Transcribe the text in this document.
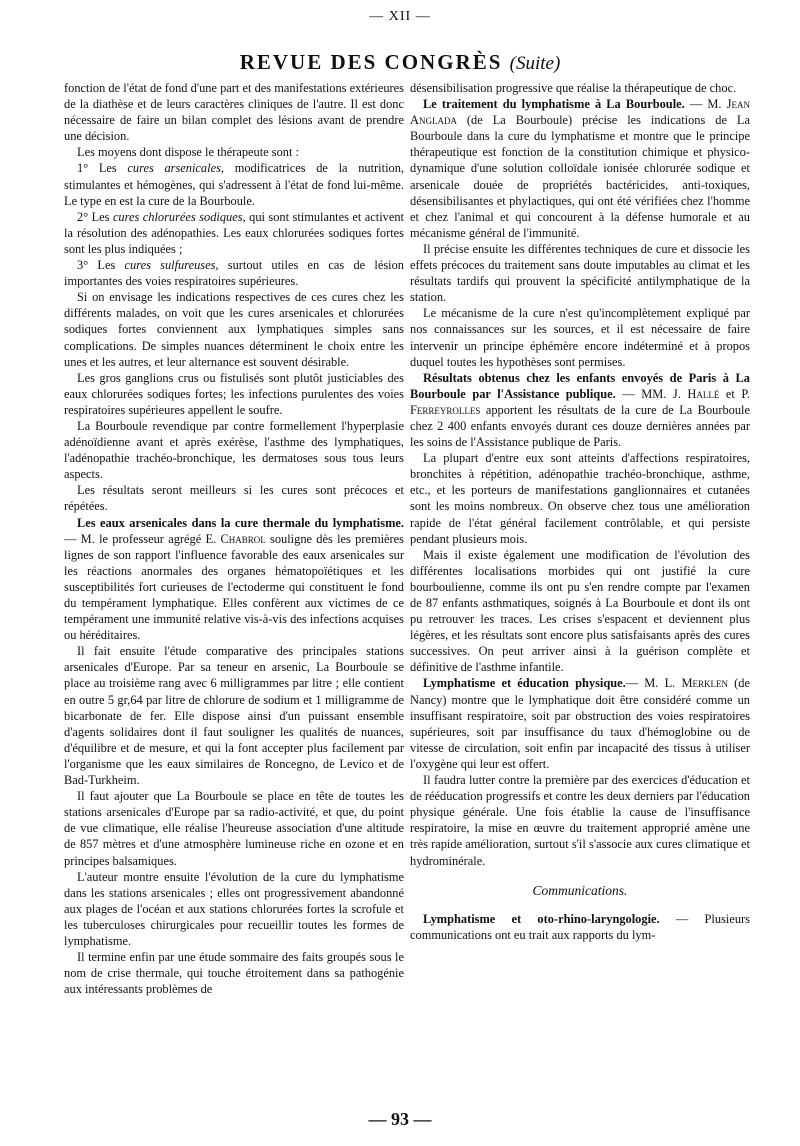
— XII —
REVUE DES CONGRÈS (Suite)

fonction de l'état de fond d'une part et des manifestations extérieures de la diathèse et de leurs caractères cliniques de l'autre. Il est donc nécessaire de faire un bilan complet des lésions avant de prendre une décision.

Les moyens dont dispose le thérapeute sont :

1° Les cures arsenicales, modificatrices de la nutrition, stimulantes et hémogènes, qui s'adressent à l'état de fond lui-même. Le type en est la cure de la Bourboule.

2° Les cures chlorurées sodiques, qui sont stimulantes et activent la résolution des adénopathies. Les eaux chlorurées sodiques fortes sont les plus indiquées ;

3° Les cures sulfureuses, surtout utiles en cas de lésion importantes des voies respiratoires supérieures.

Si on envisage les indications respectives de ces cures chez les différents malades, on voit que les cures arsenicales et chlorurées sodiques fortes conviennent aux lymphatiques simples sans complications. De simples nuances déterminent le choix entre les unes et les autres, et leur alternance est souvent désirable.

Les gros ganglions crus ou fistulisés sont plutôt justiciables des eaux chlorurées sodiques fortes; les infections purulentes des voies respiratoires supérieures appellent le soufre.

La Bourboule revendique par contre formellement l'hyperplasie adénoïdienne avant et après exérèse, l'asthme des lymphatiques, l'adénopathie trachéo-bronchique, les dermatoses sous tous leurs aspects.

Les résultats seront meilleurs si les cures sont précoces et répétées.

Les eaux arsenicales dans la cure thermale du lymphatisme.— M. le professeur agrégé E. Chabrol souligne dès les premières lignes de son rapport l'influence favorable des eaux arsenicales sur les réactions anormales des organes hématopoïétiques et les susceptibilités fort curieuses de l'ectoderme qui constituent le fond du tempérament lymphatique. Elles confèrent aux victimes de ce tempérament une immunité relative vis-à-vis des infections acquises ou héréditaires.

Il fait ensuite l'étude comparative des principales stations arsenicales d'Europe. Par sa teneur en arsenic, La Bourboule se place au troisième rang avec 6 milligrammes par litre ; elle contient en outre 5 gr,64 par litre de chlorure de sodium et 1 milligramme de bicarbonate de fer. Elle dispose ainsi d'un puissant ensemble d'agents solidaires dont il faut souligner les qualités de nuances, d'équilibre et de mesure, et qui la font accepter plus facilement par l'organisme que les eaux similaires de Roncegno, de Levico et de Bad-Turkheim.

Il faut ajouter que La Bourboule se place en tête de toutes les stations arsenicales d'Europe par sa radio-activité, et que, du point de vue climatique, elle réalise l'heureuse association d'une altitude de 857 mètres et d'une atmosphère lumineuse riche en ozone et en principes balsamiques.

L'auteur montre ensuite l'évolution de la cure du lymphatisme dans les stations arsenicales ; elles ont progressivement abandonné aux plages de l'océan et aux stations chlorurées fortes la scrofule et les tuberculoses chirurgicales pour recueillir toutes les formes de lymphatisme.

Il termine enfin par une étude sommaire des faits groupés sous le nom de crise thermale, qui touche étroitement dans sa pathogénie aux intéressants problèmes de

désensibilisation progressive que réalise la thérapeutique de choc.

Le traitement du lymphatisme à La Bourboule. — M. Jean Anglada (de La Bourboule) précise les indications de La Bourboule dans la cure du lymphatisme et montre que le principe thérapeutique est fonction de la constitution chimique et physico-dynamique d'une solution colloïdale ionisée chlorurée sodique et arsenicale douée de propriétés bactéricides, anti-toxiques, désensibilisantes et phylactiques, qui ont été vérifiées chez l'homme et chez l'animal et qui concourent à la défense humorale et au mécanisme général de l'immunité.

Il précise ensuite les différentes techniques de cure et dissocie les effets précoces du traitement sans doute imputables au climat et les résultats tardifs qui prouvent la spécificité antilymphatique de la station.

Le mécanisme de la cure n'est qu'incomplètement expliqué par nos connaissances sur les sources, et il est nécessaire de faire intervenir un principe éphémère encore indéterminé et à propos duquel toutes les hypothèses sont permises.

Résultats obtenus chez les enfants envoyés de Paris à La Bourboule par l'Assistance publique. — MM. J. Hallé et P. Ferreyrolles apportent les résultats de la cure de La Bourboule chez 2 400 enfants envoyés durant ces douze dernières années par les soins de l'Assistance publique de Paris.

La plupart d'entre eux sont atteints d'affections respiratoires, bronchites à répétition, adénopathie trachéo-bronchique, asthme, etc., et les porteurs de manifestations ganglionnaires et cutanées sont les moins nombreux. On observe chez tous une amélioration rapide de l'état général facilement contrôlable, et qui persiste pendant plusieurs mois.

Mais il existe également une modification de l'évolution des différentes localisations morbides qui ont justifié la cure bourboulienne, comme ils ont pu s'en rendre compte par l'examen de 87 enfants asthmatiques, soignés à La Bourboule et dont ils ont pu retrouver les traces. Les crises s'espacent et deviennent plus légères, et les résultats sont encore plus satisfaisants après des cures successives. On peut arriver ainsi à la guérison complète et définitive de l'asthme infantile.

Lymphatisme et éducation physique.— M. L. Merklen (de Nancy) montre que le lymphatique doit être considéré comme un insuffisant respiratoire, soit par obstruction des voies respiratoires supérieures, soit par insuffisance du taux d'hémoglobine ou de vitesse de circulation, soit enfin par incapacité des tissus à utiliser l'oxygène qui leur est offert.

Il faudra lutter contre la première par des exercices d'éducation et de rééducation progressifs et contre les deux derniers par l'éducation physique générale. Une fois établie la cause de l'insuffisance respiratoire, la mise en œuvre du traitement approprié amène une très rapide amélioration, surtout s'il s'associe aux cures climatique et hydrominérale.

Communications.

Lymphatisme et oto-rhino-laryngologie. — Plusieurs communications ont eu trait aux rapports du lym-

— 93 —
